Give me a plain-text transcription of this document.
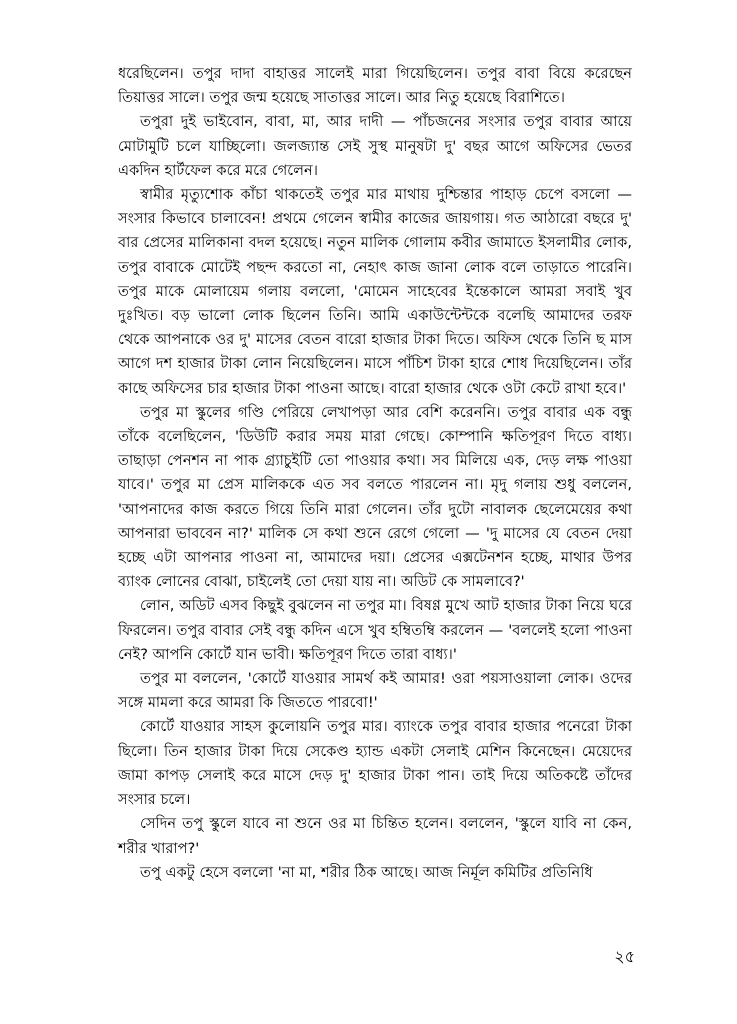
ধরেছিলেন। তপুর দাদা বাহাত্তর সালেই মারা গিয়েছিলেন। তপুর বাবা বিয়ে করেছেন তিয়াত্তর সালে। তপুর জন্ম হয়েছে সাতাত্তর সালে। আর নিতু হয়েছে বিরাশিতে।

তপুরা দুই ভাইবোন, বাবা, মা, আর দাদী — পাঁচজনের সংসার তপুর বাবার আয়ে মোটামুটি চলে যাচ্ছিলো। জলজ্যান্ত সেই সুস্থ মানুষটা দু' বছর আগে অফিসের ভেতর একদিন হার্টফেল করে মরে গেলেন।

স্বামীর মৃত্যুশোক কাঁচা থাকতেই তপুর মার মাথায় দুশ্চিন্তার পাহাড় চেপে বসলো — সংসার কিভাবে চালাবেন! প্রথমে গেলেন স্বামীর কাজের জায়গায়। গত আঠারো বছরে দু' বার প্রেসের মালিকানা বদল হয়েছে। নতুন মালিক গোলাম কবীর জামাতে ইসলামীর লোক, তপুর বাবাকে মোটেই পছন্দ করতো না, নেহাৎ কাজ জানা লোক বলে তাড়াতে পারেনি। তপুর মাকে মোলায়েম গলায় বললো, 'মোমেন সাহেবের ইন্তেকালে আমরা সবাই খুব দুঃখিত। বড় ভালো লোক ছিলেন তিনি। আমি একাউন্টেন্টকে বলেছি আমাদের তরফ থেকে আপনাকে ওর দু' মাসের বেতন বারো হাজার টাকা দিতে। অফিস থেকে তিনি ছ মাস আগে দশ হাজার টাকা লোন নিয়েছিলেন। মাসে পাঁচিশ টাকা হারে শোধ দিয়েছিলেন। তাঁর কাছে অফিসের চার হাজার টাকা পাওনা আছে। বারো হাজার থেকে ওটা কেটে রাখা হবে।'

তপুর মা স্কুলের গণ্ডি পেরিয়ে লেখাপড়া আর বেশি করেননি। তপুর বাবার এক বন্ধু তাঁকে বলেছিলেন, 'ডিউটি করার সময় মারা গেছে। কোম্পানি ক্ষতিপূরণ দিতে বাধ্য। তাছাড়া পেনশন না পাক গ্র্যাচুইটি তো পাওয়ার কথা। সব মিলিয়ে এক, দেড় লক্ষ পাওয়া যাবে।' তপুর মা প্রেস মালিককে এত সব বলতে পারলেন না। মৃদু গলায় শুধু বললেন, 'আপনাদের কাজ করতে গিয়ে তিনি মারা গেলেন। তাঁর দুটো নাবালক ছেলেমেয়ের কথা আপনারা ভাববেন না?' মালিক সে কথা শুনে রেগে গেলো — 'দু মাসের যে বেতন দেয়া হচ্ছে এটা আপনার পাওনা না, আমাদের দয়া। প্রেসের এক্সটেনশন হচ্ছে, মাথার উপর ব্যাংক লোনের বোঝা, চাইলেই তো দেয়া যায় না। অডিট কে সামলাবে?'

লোন, অডিট এসব কিছুই বুঝলেন না তপুর মা। বিষণ্ণ মুখে আট হাজার টাকা নিয়ে ঘরে ফিরলেন। তপুর বাবার সেই বন্ধু কদিন এসে খুব হম্বিতম্বি করলেন — 'বললেই হলো পাওনা নেই? আপনি কোর্টে যান ভাবী। ক্ষতিপূরণ দিতে তারা বাধ্য।'

তপুর মা বললেন, 'কোর্টে যাওয়ার সামর্থ কই আমার! ওরা পয়সাওয়ালা লোক। ওদের সঙ্গে মামলা করে আমরা কি জিততে পারবো!'

কোর্টে যাওয়ার সাহস কুলোয়নি তপুর মার। ব্যাংকে তপুর বাবার হাজার পনেরো টাকা ছিলো। তিন হাজার টাকা দিয়ে সেকেণ্ড হ্যান্ড একটা সেলাই মেশিন কিনেছেন। মেয়েদের জামা কাপড় সেলাই করে মাসে দেড় দু' হাজার টাকা পান। তাই দিয়ে অতিকষ্টে তাঁদের সংসার চলে।

সেদিন তপু স্কুলে যাবে না শুনে ওর মা চিন্তিত হলেন। বললেন, 'স্কুলে যাবি না কেন, শরীর খারাপ?'

তপু একটু হেসে বললো 'না মা, শরীর ঠিক আছে। আজ নির্মূল কমিটির প্রতিনিধি

২৫
